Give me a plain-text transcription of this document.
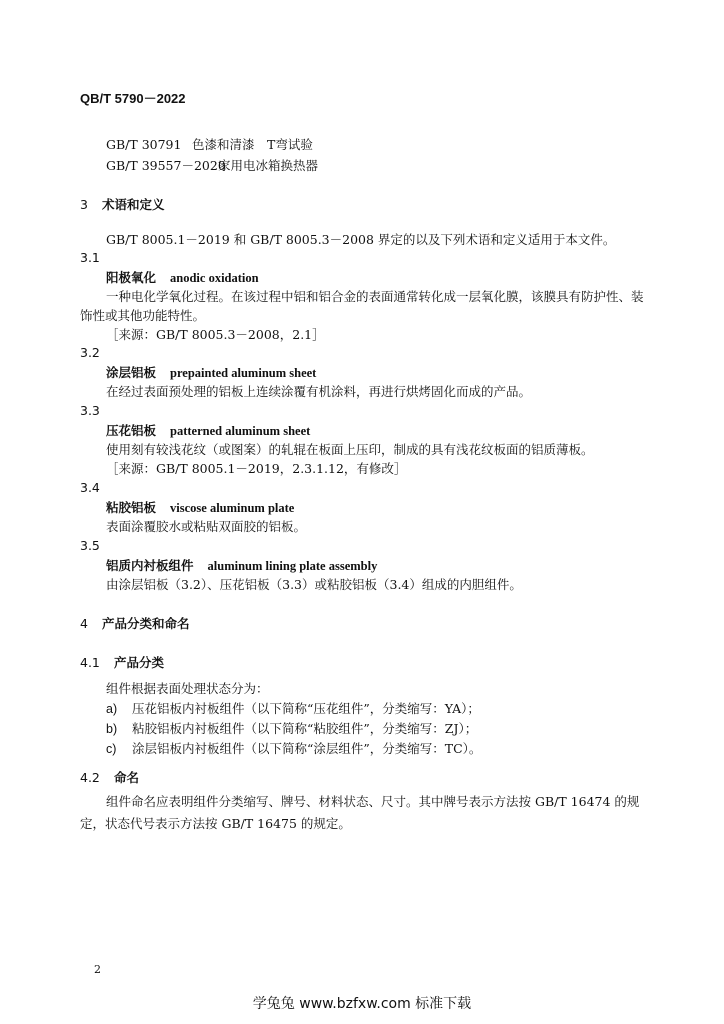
QB/T 5790－2022
GB/T 30791 色漆和清漆　T弯试验
GB/T 39557－2020家用电冰箱换热器
3 术语和定义
GB/T 8005.1－2019 和 GB/T 8005.3－2008 界定的以及下列术语和定义适用于本文件。
3.1
阳极氧化 anodic oxidation
一种电化学氧化过程。在该过程中铝和铝合金的表面通常转化成一层氧化膜，该膜具有防护性、装
饰性或其他功能特性。
［来源：GB/T 8005.3－2008，2.1］
3.2
涂层铝板 prepainted aluminum sheet
在经过表面预处理的铝板上连续涂覆有机涂料，再进行烘烤固化而成的产品。
3.3
压花铝板 patterned aluminum sheet
使用刻有较浅花纹（或图案）的轧辊在板面上压印，制成的具有浅花纹板面的铝质薄板。
［来源：GB/T 8005.1－2019，2.3.1.12，有修改］
3.4
粘胶铝板 viscose aluminum plate
表面涂覆胶水或粘贴双面胶的铝板。
3.5
铝质内衬板组件 aluminum lining plate assembly
由涂层铝板（3.2）、压花铝板（3.3）或粘胶铝板（3.4）组成的内胆组件。
4 产品分类和命名
4.1 产品分类
组件根据表面处理状态分为：
a) 压花铝板内衬板组件（以下简称“压花组件”，分类缩写：YA）；
b) 粘胶铝板内衬板组件（以下简称“粘胶组件”，分类缩写：ZJ）；
c) 涂层铝板内衬板组件（以下简称“涂层组件”，分类缩写：TC）。
4.2 命名
组件命名应表明组件分类缩写、牌号、材料状态、尺寸。其中牌号表示方法按 GB/T 16474 的规定，状态代号表示方法按 GB/T 16475 的规定。
2
学兔兔 www.bzfxw.com 标准下载
